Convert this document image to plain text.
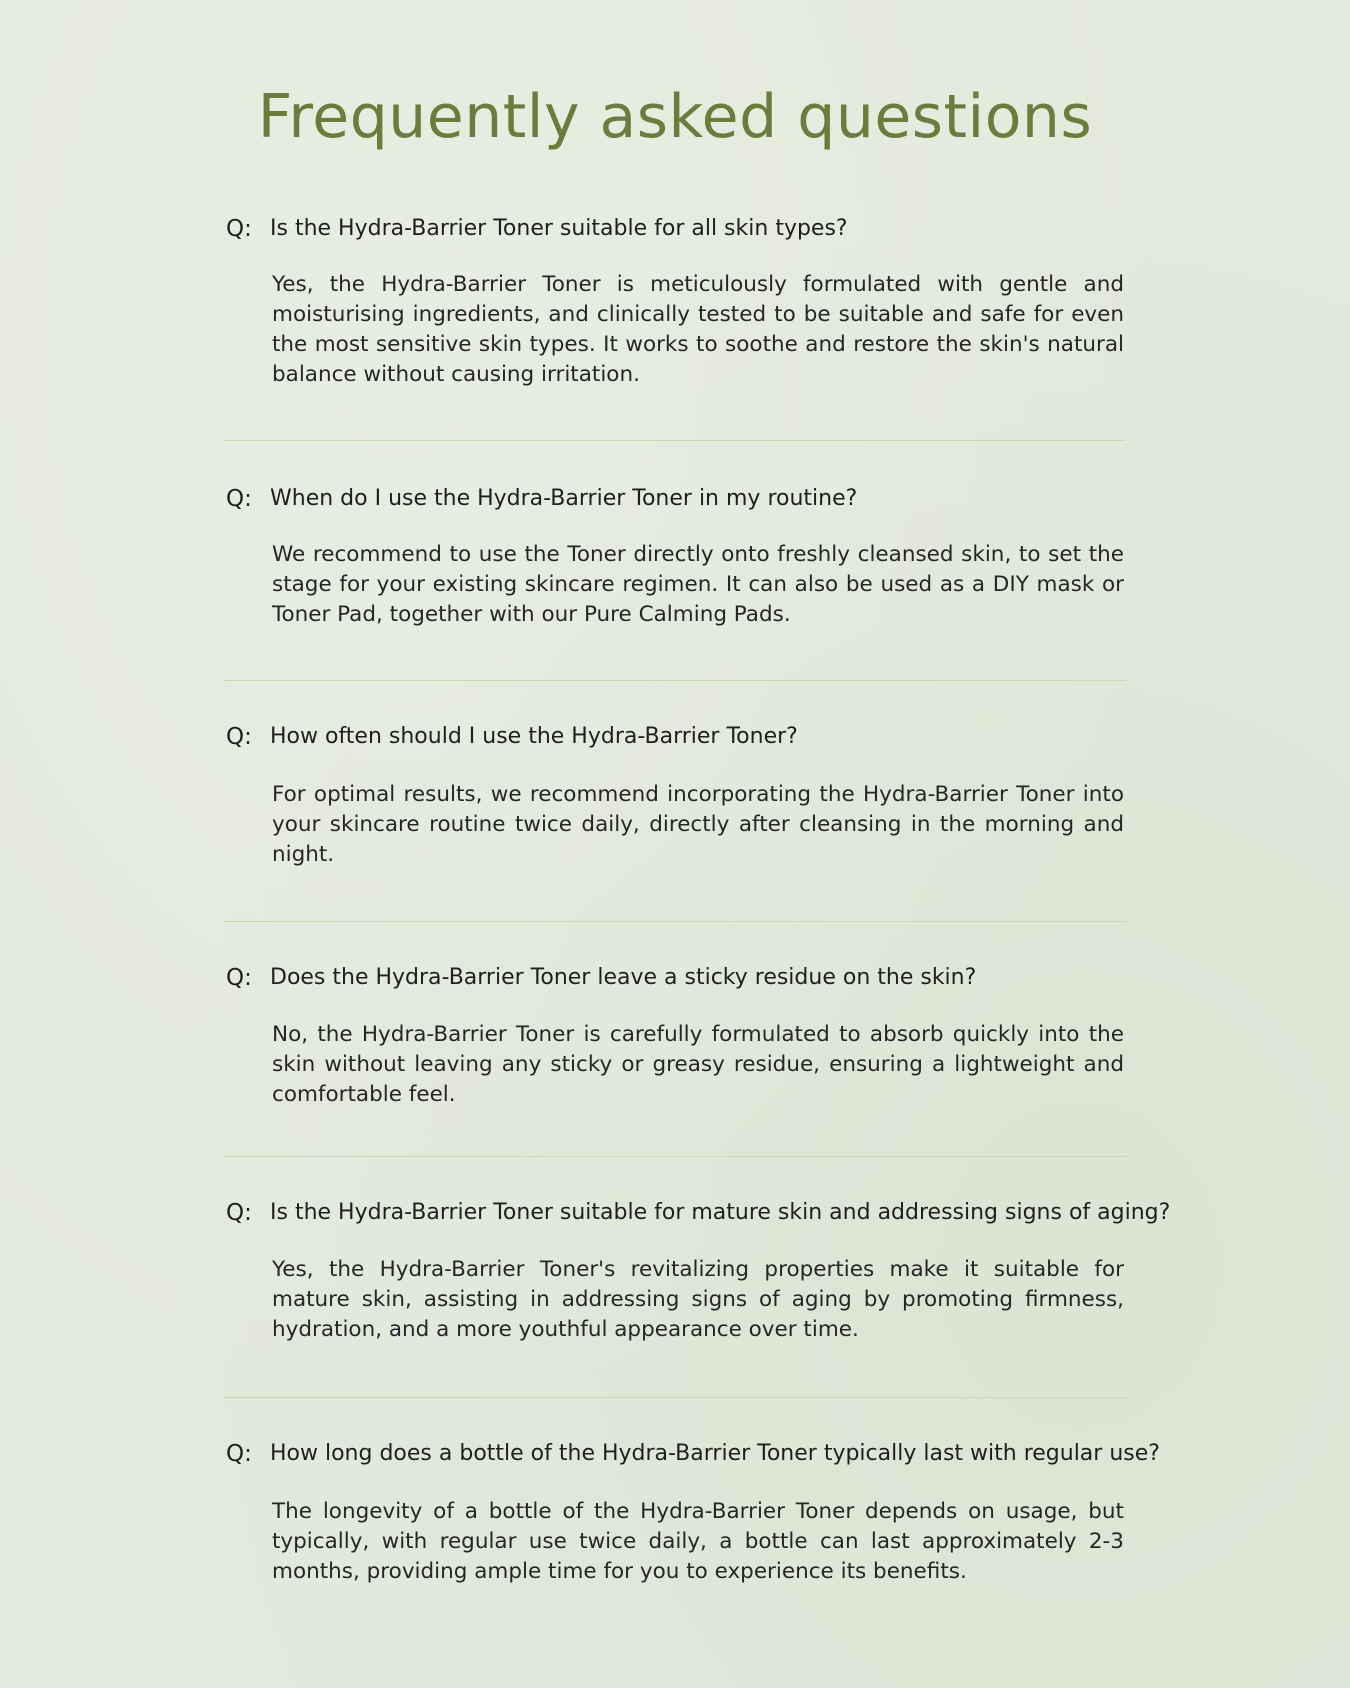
Frequently asked questions
Q: Is the Hydra-Barrier Toner suitable for all skin types?

Yes, the Hydra-Barrier Toner is meticulously formulated with gentle and moisturising ingredients, and clinically tested to be suitable and safe for even the most sensitive skin types. It works to soothe and restore the skin's natural balance without causing irritation.

Q: When do I use the Hydra-Barrier Toner in my routine?

We recommend to use the Toner directly onto freshly cleansed skin, to set the stage for your existing skincare regimen. It can also be used as a DIY mask or Toner Pad, together with our Pure Calming Pads.

Q: How often should I use the Hydra-Barrier Toner?

For optimal results, we recommend incorporating the Hydra-Barrier Toner into your skincare routine twice daily, directly after cleansing in the morning and night.

Q: Does the Hydra-Barrier Toner leave a sticky residue on the skin?

No, the Hydra-Barrier Toner is carefully formulated to absorb quickly into the skin without leaving any sticky or greasy residue, ensuring a lightweight and comfortable feel.

Q: Is the Hydra-Barrier Toner suitable for mature skin and addressing signs of aging?

Yes, the Hydra-Barrier Toner's revitalizing properties make it suitable for mature skin, assisting in addressing signs of aging by promoting firmness, hydration, and a more youthful appearance over time.

Q: How long does a bottle of the Hydra-Barrier Toner typically last with regular use?

The longevity of a bottle of the Hydra-Barrier Toner depends on usage, but typically, with regular use twice daily, a bottle can last approximately 2-3 months, providing ample time for you to experience its benefits.
